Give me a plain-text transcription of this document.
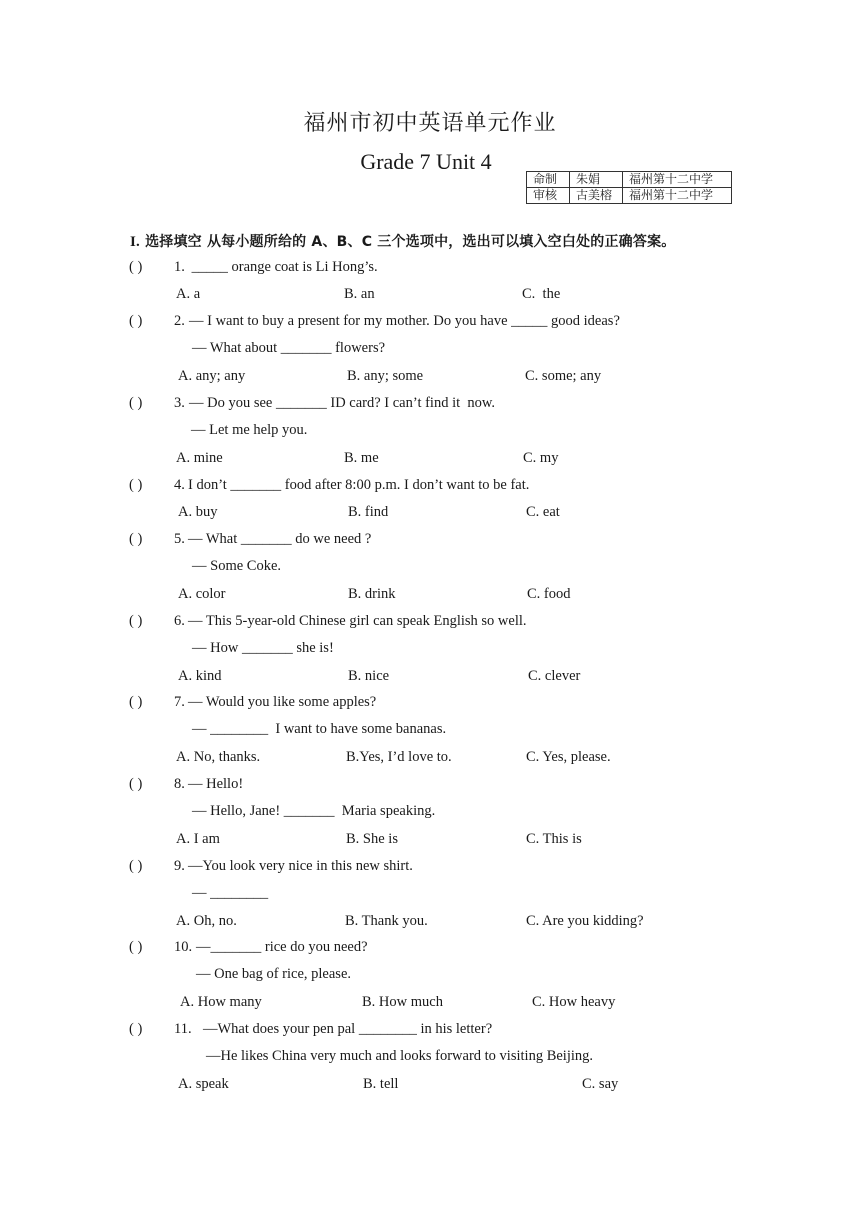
福州市初中英语单元作业
Grade 7 Unit 4
命制	朱娟	福州第十二中学
审核	古美榕	福州第十二中学
I. 选择填空 从每小题所给的 A、B、C 三个选项中，选出可以填入空白处的正确答案。
( ) 1. _____ orange coat is Li Hong’s.
A. a	B. an	C.  the
( ) 2. — I want to buy a present for my mother. Do you have _____ good ideas?
— What about _______ flowers?
A. any; any	B. any; some	C. some; any
( ) 3. — Do you see _______ ID card? I can’t find it  now.
— Let me help you.
A. mine	B. me	C. my
( ) 4. I don’t _______ food after 8:00 p.m. I don’t want to be fat.
A. buy	B. find	C. eat
( ) 5. — What _______ do we need ?
— Some Coke.
A. color	B. drink	C. food
( ) 6. — This 5-year-old Chinese girl can speak English so well.
— How _______ she is!
A. kind	B. nice	C. clever
( ) 7. — Would you like some apples?
— ________  I want to have some bananas.
A. No, thanks.	B.Yes, I’d love to.	C. Yes, please.
( ) 8. — Hello!
— Hello, Jane! _______  Maria speaking.
A. I am	B. She is	C. This is
( ) 9. —You look very nice in this new shirt.
— ________
A. Oh, no.	B. Thank you.	C. Are you kidding?
( ) 10. —_______ rice do you need?
— One bag of rice, please.
A. How many	B. How much	C. How heavy
( ) 11. —What does your pen pal ________ in his letter?
—He likes China very much and looks forward to visiting Beijing.
A. speak	B. tell	C. say
